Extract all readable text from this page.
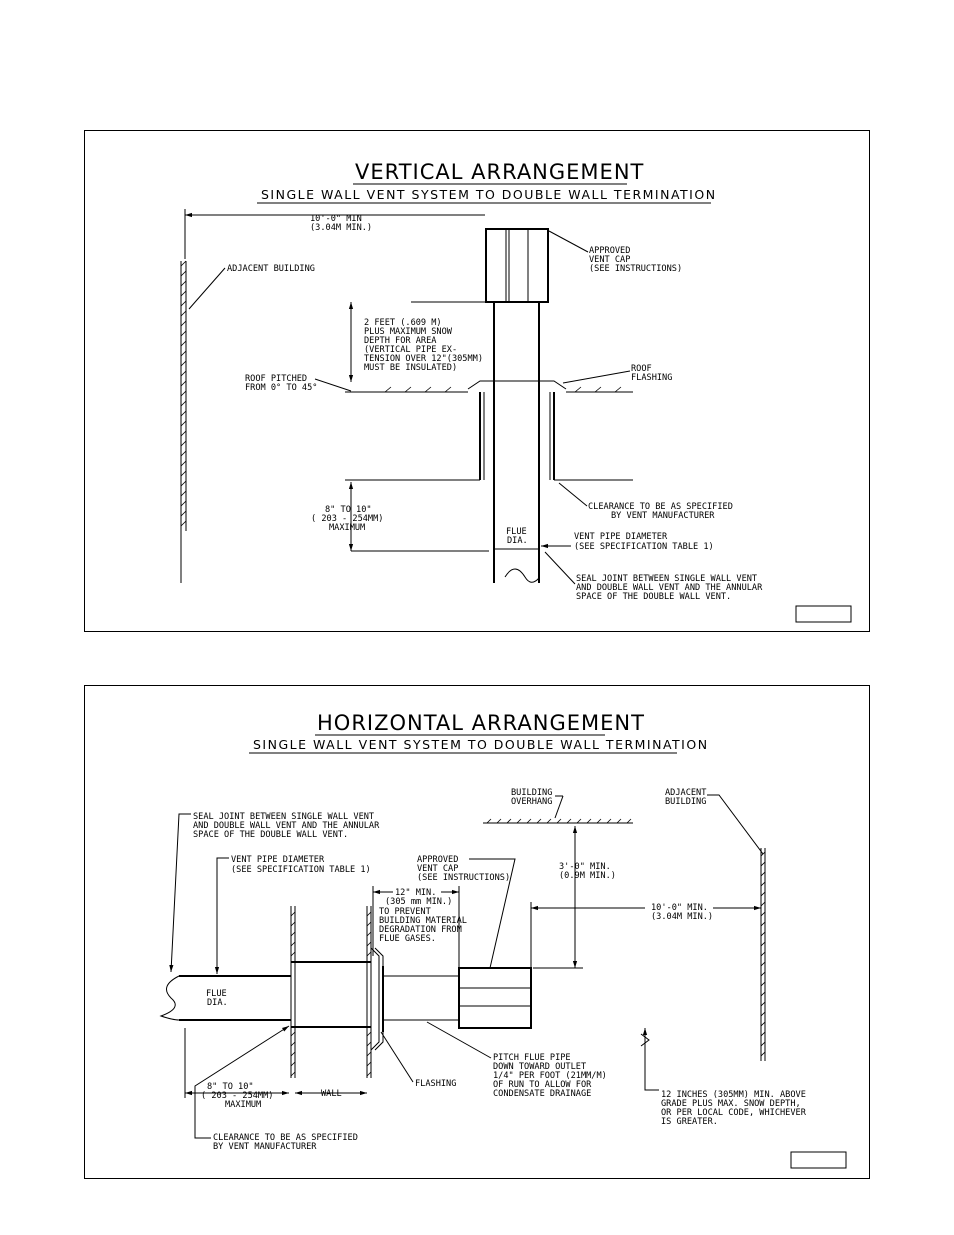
VERTICAL ARRANGEMENT
SINGLE WALL VENT SYSTEM TO DOUBLE WALL TERMINATION
ADJACENT BUILDING
10'-0" MIN
(3.04M MIN.)
APPROVED
VENT CAP
(SEE INSTRUCTIONS)
ROOF
FLASHING
ROOF PITCHED
FROM 0° TO 45°
2 FEET (.609 M)
PLUS MAXIMUM SNOW
DEPTH FOR AREA
(VERTICAL PIPE EX-
TENSION OVER 12"(305MM)
MUST BE INSULATED)
CLEARANCE TO BE AS SPECIFIED
BY VENT MANUFACTURER
8" TO 10"
( 203 - 254MM)
MAXIMUM	FLUE
DIA.	VENT PIPE DIAMETER
(SEE SPECIFICATION TABLE 1)
SEAL JOINT BETWEEN SINGLE WALL VENT
AND DOUBLE WALL VENT AND THE ANNULAR
SPACE OF THE DOUBLE WALL VENT.
HORIZONTAL ARRANGEMENT
SINGLE WALL VENT SYSTEM TO DOUBLE WALL TERMINATION
SEAL JOINT BETWEEN SINGLE WALL VENT
AND DOUBLE WALL VENT AND THE ANNULAR
SPACE OF THE DOUBLE WALL VENT.
BUILDING
OVERHANG
ADJACENT
BUILDING
VENT PIPE DIAMETER
(SEE SPECIFICATION TABLE 1)
APPROVED
VENT CAP
(SEE INSTRUCTIONS)
3'-0" MIN.
(0.9M MIN.)
12" MIN.
(305 mm MIN.)
TO PREVENT
BUILDING MATERIAL
DEGRADATION FROM
FLUE GASES.
10'-0" MIN.
(3.04M MIN.)
FLUE
DIA.
FLASHING
PITCH FLUE PIPE
DOWN TOWARD OUTLET
1/4" PER FOOT (21MM/M)
OF RUN TO ALLOW FOR
CONDENSATE DRAINAGE	12 INCHES (305MM) MIN. ABOVE
GRADE PLUS MAX. SNOW DEPTH,
OR PER LOCAL CODE, WHICHEVER
IS GREATER.
8" TO 10"
( 203 - 254MM)
MAXIMUM
WALL
CLEARANCE TO BE AS SPECIFIED
BY VENT MANUFACTURER
